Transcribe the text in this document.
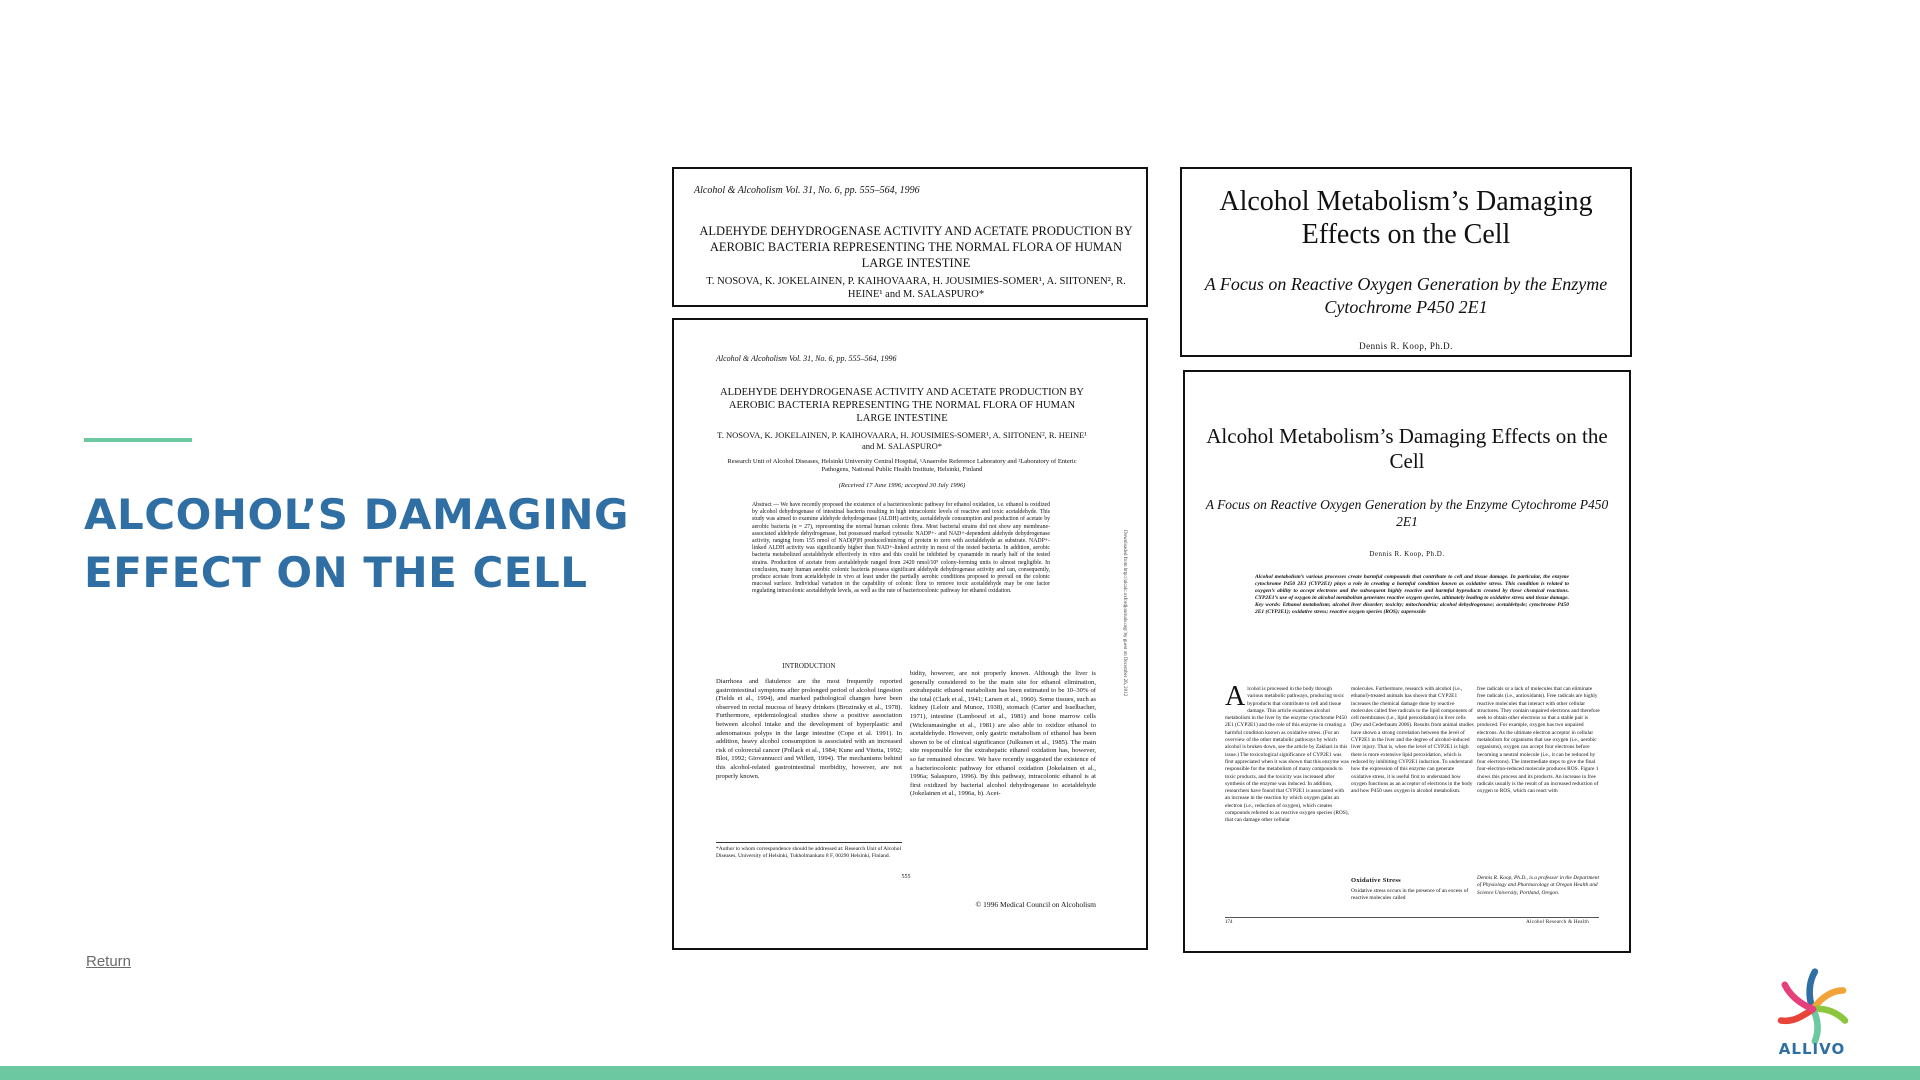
ALCOHOL’S DAMAGING EFFECT ON THE CELL
Return
Alcohol & Alcoholism Vol. 31, No. 6, pp. 555–564, 1996
ALDEHYDE DEHYDROGENASE ACTIVITY AND ACETATE PRODUCTION BY AEROBIC BACTERIA REPRESENTING THE NORMAL FLORA OF HUMAN LARGE INTESTINE
T. NOSOVA, K. JOKELAINEN, P. KAIHOVAARA, H. JOUSIMIES-SOMER¹, A. SIITONEN², R. HEINE¹ and M. SALASPURO*
Alcohol & Alcoholism Vol. 31, No. 6, pp. 555–564, 1996
ALDEHYDE DEHYDROGENASE ACTIVITY AND ACETATE PRODUCTION BY AEROBIC BACTERIA REPRESENTING THE NORMAL FLORA OF HUMAN LARGE INTESTINE
T. NOSOVA, K. JOKELAINEN, P. KAIHOVAARA, H. JOUSIMIES-SOMER¹, A. SIITONEN², R. HEINE¹ and M. SALASPURO*
Research Unit of Alcohol Diseases, Helsinki University Central Hospital, ¹Anaerobe Reference Laboratory and ²Laboratory of Enteric Pathogens, National Public Health Institute, Helsinki, Finland
(Received 17 June 1996; accepted 30 July 1996)
Abstract — We have recently proposed the existence of a bacteriocolonic pathway for ethanol oxidation, i.e. ethanol is oxidized by alcohol dehydrogenase of intestinal bacteria resulting in high intracolonic levels of reactive and toxic acetaldehyde. This study was aimed to examine aldehyde dehydrogenase (ALDH) activity, acetaldehyde consumption and production of acetate by aerobic bacteria (n = 27), representing the normal human colonic flora. Most bacterial strains did not show any membrane-associated aldehyde dehydrogenase, but possessed marked cytosolic NADP+- and NAD+-dependent aldehyde dehydrogenase activity, ranging from 155 nmol of NAD(P)H produced/min/mg of protein to zero with acetaldehyde as substrate. NADP+-linked ALDH activity was significantly higher than NAD+-linked activity in most of the tested bacteria. In addition, aerobic bacteria metabolized acetaldehyde effectively in vitro and this could be inhibited by cyanamide in nearly half of the tested strains. Production of acetate from acetaldehyde ranged from 2420 nmol/10⁹ colony-forming units to almost negligible. In conclusion, many human aerobic colonic bacteria possess significant aldehyde dehydrogenase activity and can, consequently, produce acetate from acetaldehyde in vivo at least under the partially aerobic conditions proposed to prevail on the colonic mucosal surface. Individual variation in the capability of colonic flora to remove toxic acetaldehyde may be one factor regulating intracolonic acetaldehyde levels, as well as the rate of bacteriocolonic pathway for ethanol oxidation.
INTRODUCTION
Diarrhoea and flatulence are the most frequently reported gastrointestinal symptoms after prolonged period of alcohol ingestion (Fields et al., 1994), and marked pathological changes have been observed in rectal mucosa of heavy drinkers (Brozinsky et al., 1978). Furthermore, epidemiological studies show a positive association between alcohol intake and the development of hyperplastic and adenomatous polyps in the large intestine (Cope et al. 1991). In addition, heavy alcohol consumption is associated with an increased risk of colorectal cancer (Pollack et al., 1984; Kune and Vitetta, 1992; Blot, 1992; Giovannucci and Willett, 1994). The mechanisms behind this alcohol-related gastrointestinal morbidity, however, are not properly known.
bidity, however, are not properly known. Although the liver is generally considered to be the main site for ethanol elimination, extrahepatic ethanol metabolism has been estimated to be 10–30% of the total (Clark et al., 1941; Larsen et al., 1960). Some tissues, such as kidney (Leloir and Munoz, 1938), stomach (Carter and Isselbacher, 1971), intestine (Lamboeuf et al., 1981) and bone marrow cells (Wickramasinghe et al., 1981) are also able to oxidize ethanol to acetaldehyde. However, only gastric metabolism of ethanol has been shown to be of clinical significance (Julkunen et al., 1985). The main site responsible for the extrahepatic ethanol oxidation has, however, so far remained obscure. We have recently suggested the existence of a bacteriocolonic pathway for ethanol oxidation (Jokelainen et al., 1996a; Salaspuro, 1996). By this pathway, intracolonic ethanol is at first oxidized by bacterial alcohol dehydrogenase to acetaldehyde (Jokelainen et al., 1996a, b). Acet-
*Author to whom correspondence should be addressed at: Research Unit of Alcohol Diseases, University of Helsinki, Tukholmankatu 8 F, 00290 Helsinki, Finland.
555
© 1996 Medical Council on Alcoholism
Downloaded from http://alcalc.oxfordjournals.org/ by guest on December 26, 2012
Alcohol Metabolism’s Damaging Effects on the Cell
A Focus on Reactive Oxygen Generation by the Enzyme Cytochrome P450 2E1
Dennis R. Koop, Ph.D.
Alcohol Metabolism’s Damaging Effects on the Cell
A Focus on Reactive Oxygen Generation by the Enzyme Cytochrome P450 2E1
Dennis R. Koop, Ph.D.
Alcohol metabolism’s various processes create harmful compounds that contribute to cell and tissue damage. In particular, the enzyme cytochrome P450 2E1 (CYP2E1) plays a role in creating a harmful condition known as oxidative stress. This condition is related to oxygen’s ability to accept electrons and the subsequent highly reactive and harmful byproducts created by these chemical reactions. CYP2E1’s use of oxygen in alcohol metabolism generates reactive oxygen species, ultimately leading to oxidative stress and tissue damage. Key words: Ethanol metabolism; alcohol liver disorder; toxicity; mitochondria; alcohol dehydrogenase; acetaldehyde; cytochrome P450 2E1 (CYP2E1); oxidative stress; reactive oxygen species (ROS); superoxide
Alcohol is processed in the body through various metabolic pathways, producing toxic byproducts that contribute to cell and tissue damage. This article examines alcohol metabolism in the liver by the enzyme cytochrome P450 2E1 (CYP2E1) and the role of this enzyme in creating a harmful condition known as oxidative stress. (For an overview of the other metabolic pathways by which alcohol is broken down, see the article by Zakhari in this issue.) The toxicological significance of CYP2E1 was first appreciated when it was shown that this enzyme was responsible for the metabolism of many compounds to toxic products, and the toxicity was increased after synthesis of the enzyme was induced. In addition, researchers have found that CYP2E1 is associated with an increase in the reaction by which oxygen gains an electron (i.e., reduction of oxygen), which creates compounds referred to as reactive oxygen species (ROS), that can damage other cellular
molecules. Furthermore, research with alcohol (i.e., ethanol)-treated animals has shown that CYP2E1 increases the chemical damage done by reactive molecules called free radicals to the lipid components of cell membranes (i.e., lipid peroxidation) in liver cells (Dey and Cederbaum 2006). Results from animal studies have shown a strong correlation between the level of CYP2E1 in the liver and the degree of alcohol-induced liver injury. That is, when the level of CYP2E1 is high there is more extensive lipid peroxidation, which is reduced by inhibiting CYP2E1 induction. To understand how the expression of this enzyme can generate oxidative stress, it is useful first to understand how oxygen functions as an acceptor of electrons in the body and how P450 uses oxygen in alcohol metabolism.
free radicals or a lack of molecules that can eliminate free radicals (i.e., antioxidants). Free radicals are highly reactive molecules that interact with other cellular structures. They contain unpaired electrons and therefore seek to obtain other electrons so that a stable pair is produced. For example, oxygen has two unpaired electrons. As the ultimate electron acceptor in cellular metabolism for organisms that use oxygen (i.e., aerobic organisms), oxygen can accept four electrons before becoming a neutral molecule (i.e., it can be reduced by four electrons). The intermediate steps to give the final four-electron-reduced molecule produces ROS. Figure 1 shows this process and its products. An increase in free radicals usually is the result of an increased reduction of oxygen to ROS, which can react with
Oxidative Stress
Oxidative stress occurs in the presence of an excess of reactive molecules called
Dennis R. Koop, Ph.D., is a professor in the Department of Physiology and Pharmacology at Oregon Health and Science University, Portland, Oregon.
174	Alcohol Research & Health
ALLIVO
